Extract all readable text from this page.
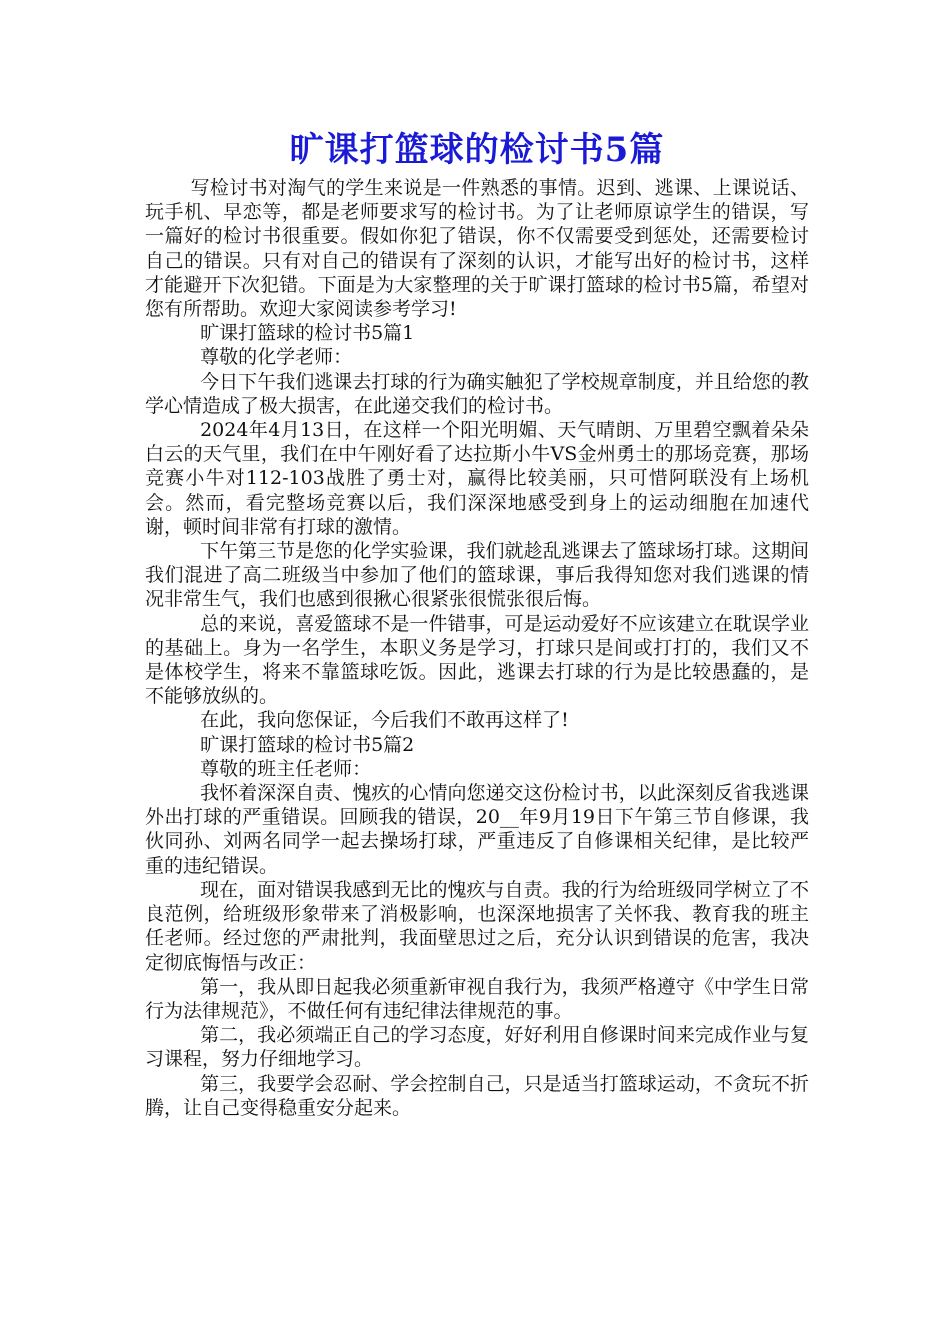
旷课打篮球的检讨书5篇

写检讨书对淘气的学生来说是一件熟悉的事情。迟到、逃课、上课说话、玩手机、早恋等，都是老师要求写的检讨书。为了让老师原谅学生的错误，写一篇好的检讨书很重要。假如你犯了错误，你不仅需要受到惩处，还需要检讨自己的错误。只有对自己的错误有了深刻的认识，才能写出好的检讨书，这样才能避开下次犯错。下面是为大家整理的关于旷课打篮球的检讨书5篇，希望对您有所帮助。欢迎大家阅读参考学习!

旷课打篮球的检讨书5篇1

尊敬的化学老师：

今日下午我们逃课去打球的行为确实触犯了学校规章制度，并且给您的教学心情造成了极大损害，在此递交我们的检讨书。

2024年4月13日，在这样一个阳光明媚、天气晴朗、万里碧空飘着朵朵白云的天气里，我们在中午刚好看了达拉斯小牛VS金州勇士的那场竞赛，那场竞赛小牛对112-103战胜了勇士对，赢得比较美丽，只可惜阿联没有上场机会。然而，看完整场竞赛以后，我们深深地感受到身上的运动细胞在加速代谢，顿时间非常有打球的激情。

下午第三节是您的化学实验课，我们就趁乱逃课去了篮球场打球。这期间我们混进了高二班级当中参加了他们的篮球课，事后我得知您对我们逃课的情况非常生气，我们也感到很揪心很紧张很慌张很后悔。

总的来说，喜爱篮球不是一件错事，可是运动爱好不应该建立在耽误学业的基础上。身为一名学生，本职义务是学习，打球只是间或打打的，我们又不是体校学生，将来不靠篮球吃饭。因此，逃课去打球的行为是比较愚蠢的，是不能够放纵的。

在此，我向您保证，今后我们不敢再这样了!

旷课打篮球的检讨书5篇2

尊敬的班主任老师：

我怀着深深自责、愧疚的心情向您递交这份检讨书，以此深刻反省我逃课外出打球的严重错误。回顾我的错误，20__年9月19日下午第三节自修课，我伙同孙、刘两名同学一起去操场打球，严重违反了自修课相关纪律，是比较严重的违纪错误。

现在，面对错误我感到无比的愧疚与自责。我的行为给班级同学树立了不良范例，给班级形象带来了消极影响，也深深地损害了关怀我、教育我的班主任老师。经过您的严肃批判，我面壁思过之后，充分认识到错误的危害，我决定彻底悔悟与改正：

第一，我从即日起我必须重新审视自我行为，我须严格遵守《中学生日常行为法律规范》，不做任何有违纪律法律规范的事。

第二，我必须端正自己的学习态度，好好利用自修课时间来完成作业与复习课程，努力仔细地学习。

第三，我要学会忍耐、学会控制自己，只是适当打篮球运动，不贪玩不折腾，让自己变得稳重安分起来。
